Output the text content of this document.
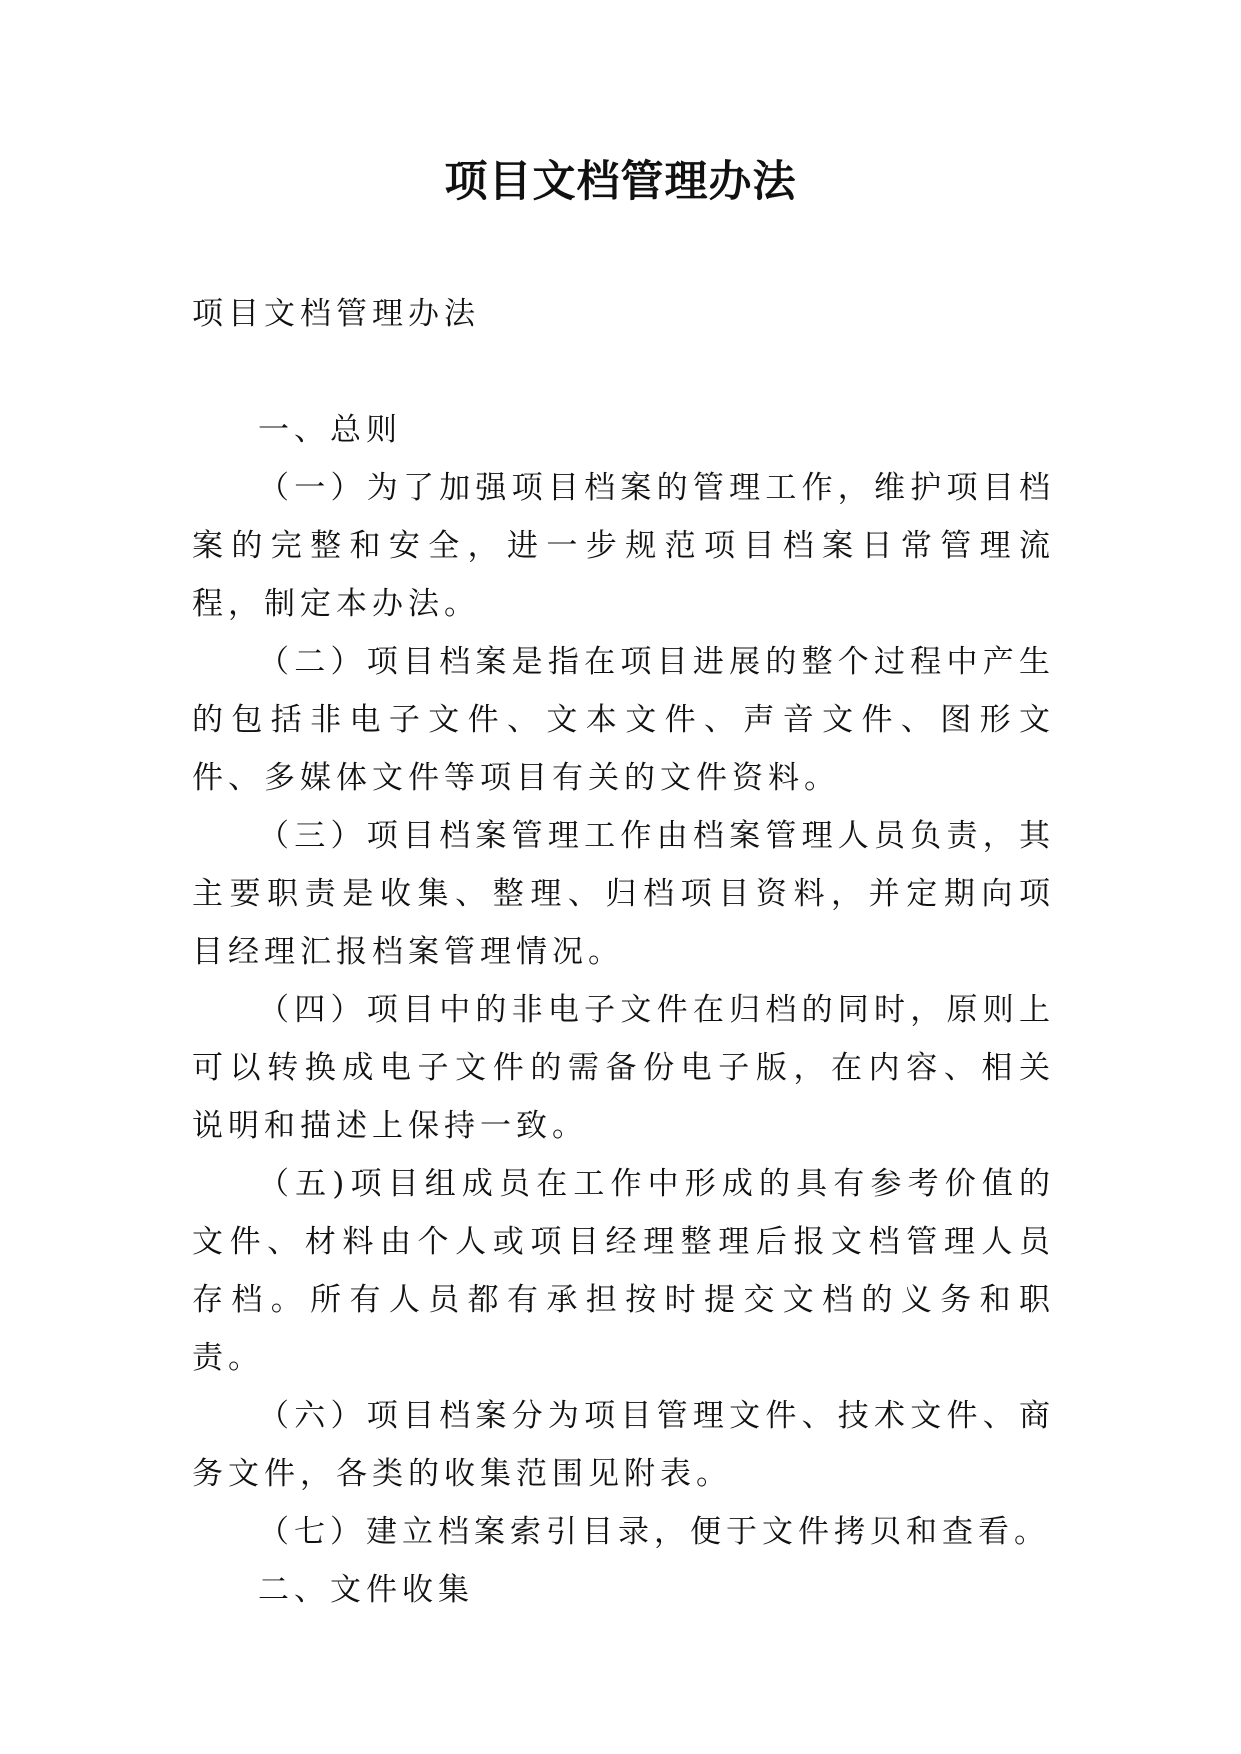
项目文档管理办法

项目文档管理办法

一、总则

（一）为了加强项目档案的管理工作，维护项目档案的完整和安全，进一步规范项目档案日常管理流程，制定本办法。

（二）项目档案是指在项目进展的整个过程中产生的包括非电子文件、文本文件、声音文件、图形文件、多媒体文件等项目有关的文件资料。

（三）项目档案管理工作由档案管理人员负责，其主要职责是收集、整理、归档项目资料，并定期向项目经理汇报档案管理情况。

（四）项目中的非电子文件在归档的同时，原则上可以转换成电子文件的需备份电子版，在内容、相关说明和描述上保持一致。

（五)项目组成员在工作中形成的具有参考价值的文件、材料由个人或项目经理整理后报文档管理人员存档。所有人员都有承担按时提交文档的义务和职责。

（六）项目档案分为项目管理文件、技术文件、商务文件，各类的收集范围见附表。

（七）建立档案索引目录，便于文件拷贝和查看。

二、文件收集
